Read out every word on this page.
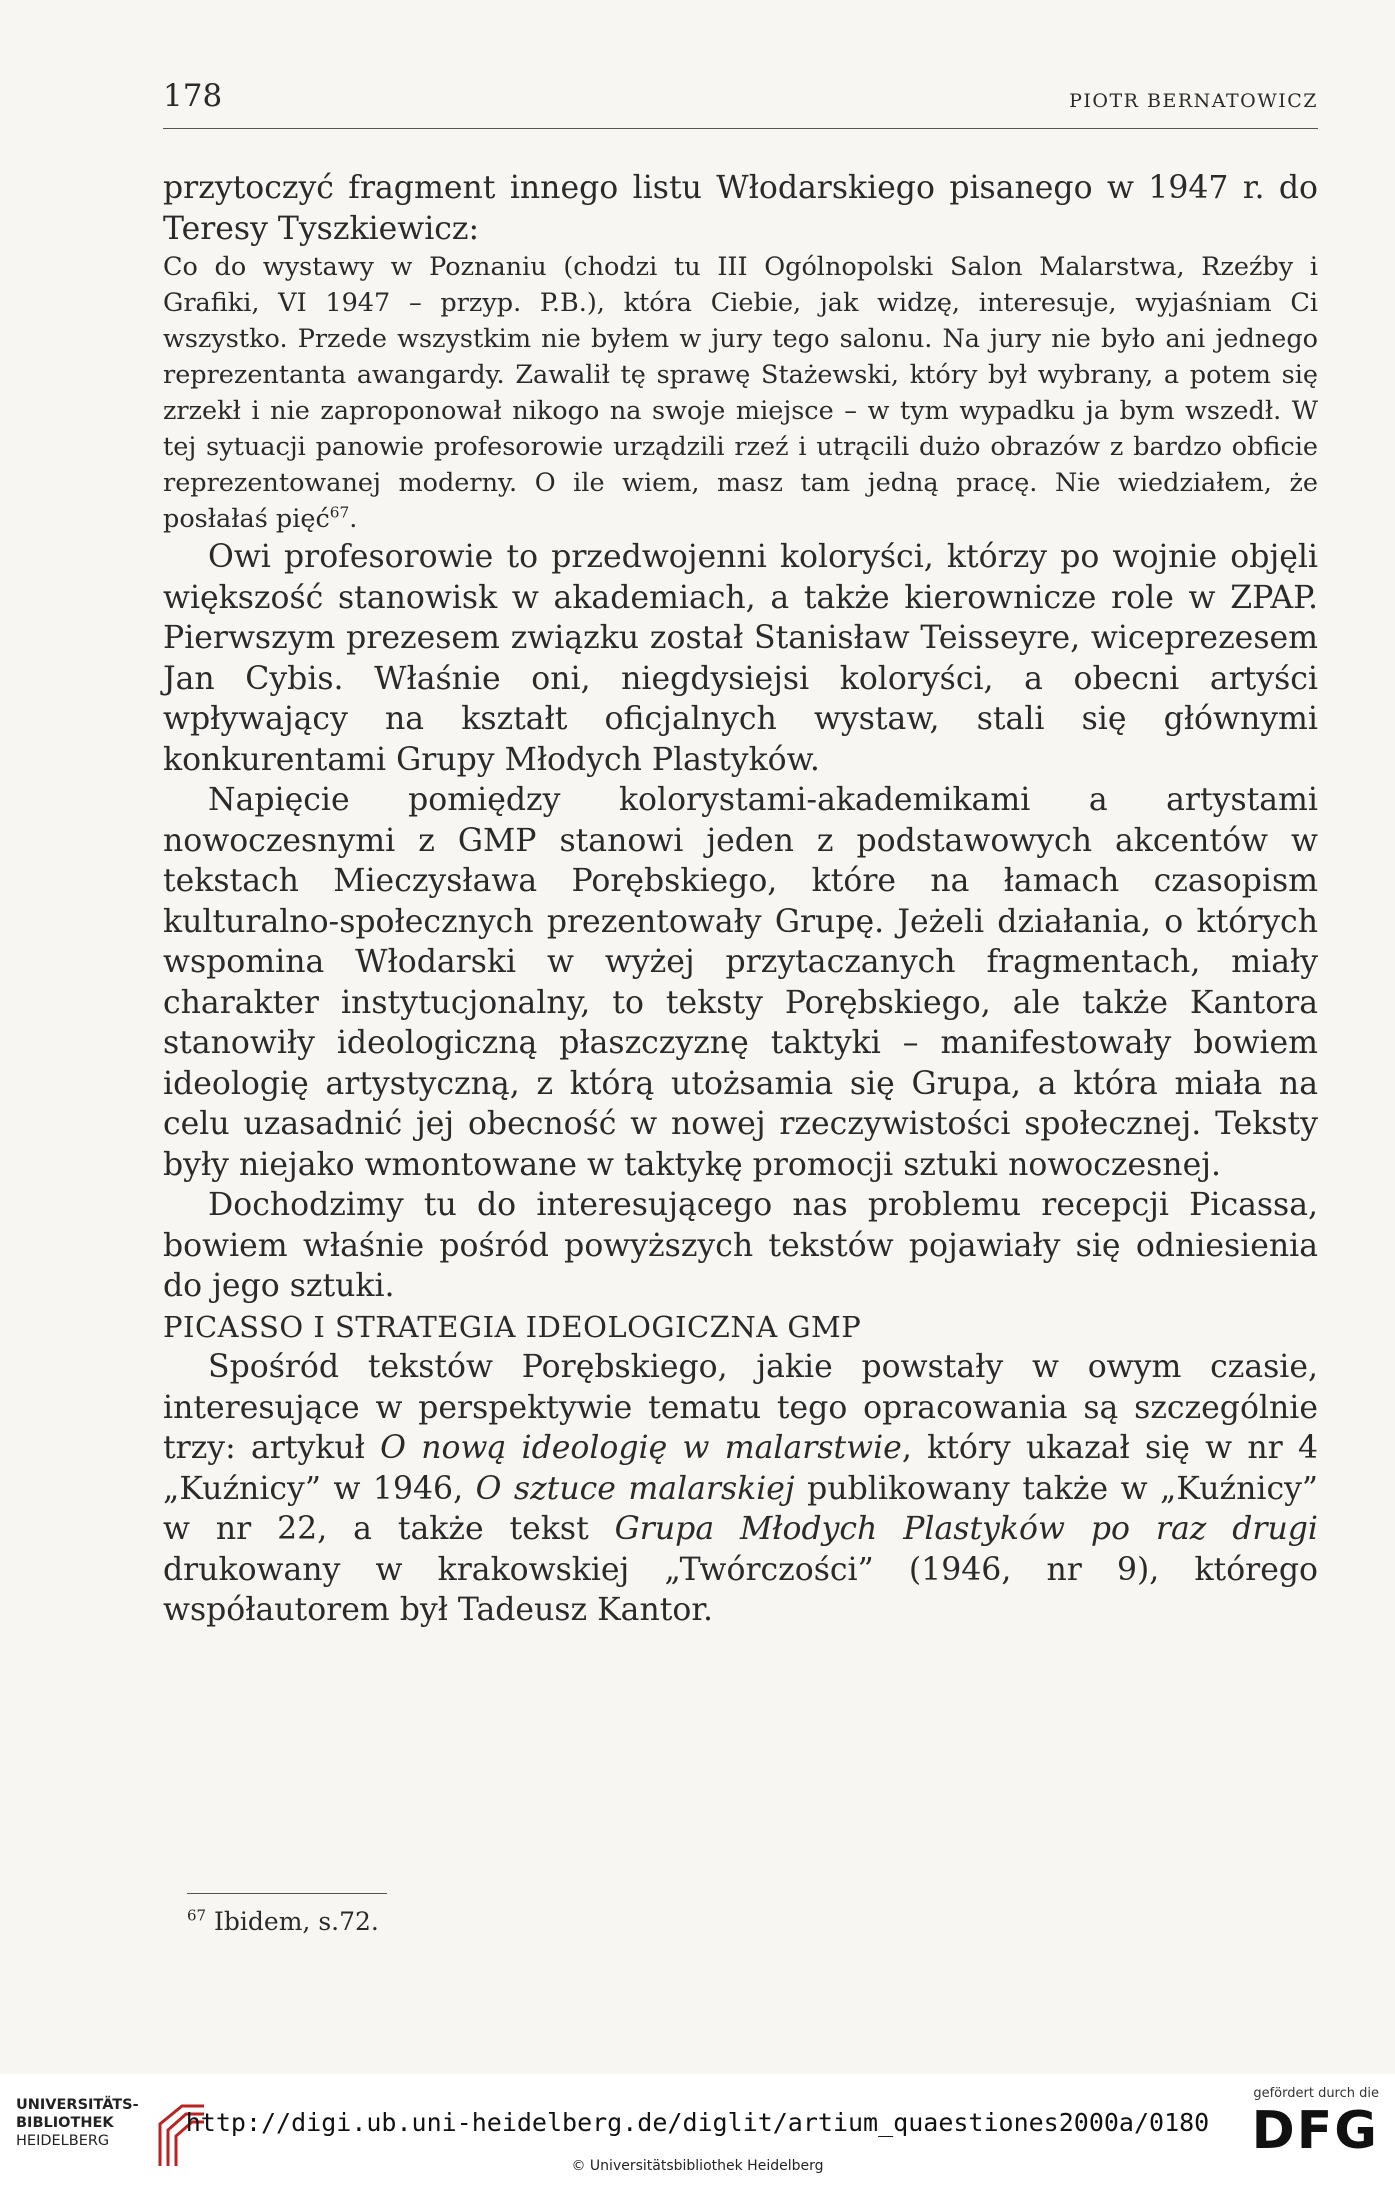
178	PIOTR BERNATOWICZ

przytoczyć fragment innego listu Włodarskiego pisanego w 1947 r. do Teresy Tyszkiewicz:

Co do wystawy w Poznaniu (chodzi tu III Ogólnopolski Salon Malarstwa, Rzeźby i Grafiki, VI 1947 – przyp. P.B.), która Ciebie, jak widzę, interesuje, wyjaśniam Ci wszystko. Przede wszystkim nie byłem w jury tego salonu. Na jury nie było ani jednego reprezentanta awangardy. Zawalił tę sprawę Stażewski, który był wybrany, a potem się zrzekł i nie zaproponował nikogo na swoje miejsce – w tym wypadku ja bym wszedł. W tej sytuacji panowie profesorowie urządzili rzeź i utrącili dużo obrazów z bardzo obficie reprezentowanej moderny. O ile wiem, masz tam jedną pracę. Nie wiedziałem, że posłałaś pięć$^{67}$.

Owi profesorowie to przedwojenni koloryści, którzy po wojnie objęli większość stanowisk w akademiach, a także kierownicze role w ZPAP. Pierwszym prezesem związku został Stanisław Teisseyre, wiceprezesem Jan Cybis. Właśnie oni, niegdysiejsi koloryści, a obecni artyści wpływający na kształt oficjalnych wystaw, stali się głównymi konkurentami Grupy Młodych Plastyków.

Napięcie pomiędzy kolorystami-akademikami a artystami nowoczesnymi z GMP stanowi jeden z podstawowych akcentów w tekstach Mieczysława Porębskiego, które na łamach czasopism kulturalno-społecznych prezentowały Grupę. Jeżeli działania, o których wspomina Włodarski w wyżej przytaczanych fragmentach, miały charakter instytucjonalny, to teksty Porębskiego, ale także Kantora stanowiły ideologiczną płaszczyznę taktyki – manifestowały bowiem ideologię artystyczną, z którą utożsamia się Grupa, a która miała na celu uzasadnić jej obecność w nowej rzeczywistości społecznej. Teksty były niejako wmontowane w taktykę promocji sztuki nowoczesnej.

Dochodzimy tu do interesującego nas problemu recepcji Picassa, bowiem właśnie pośród powyższych tekstów pojawiały się odniesienia do jego sztuki.

PICASSO I STRATEGIA IDEOLOGICZNA GMP

Spośród tekstów Porębskiego, jakie powstały w owym czasie, interesujące w perspektywie tematu tego opracowania są szczególnie trzy: artykuł O nową ideologię w malarstwie, który ukazał się w nr 4 „Kuźnicy” w 1946, O sztuce malarskiej publikowany także w „Kuźnicy” w nr 22, a także tekst Grupa Młodych Plastyków po raz drugi drukowany w krakowskiej „Twórczości” (1946, nr 9), którego współautorem był Tadeusz Kantor.

$^{67}$ Ibidem, s.72.
UNIVERSITÄTS-
BIBLIOTHEK
HEIDELBERG
http://digi.ub.uni-heidelberg.de/diglit/artium_quaestiones2000a/0180
© Universitätsbibliothek Heidelberg
gefördert durch die
DFG
